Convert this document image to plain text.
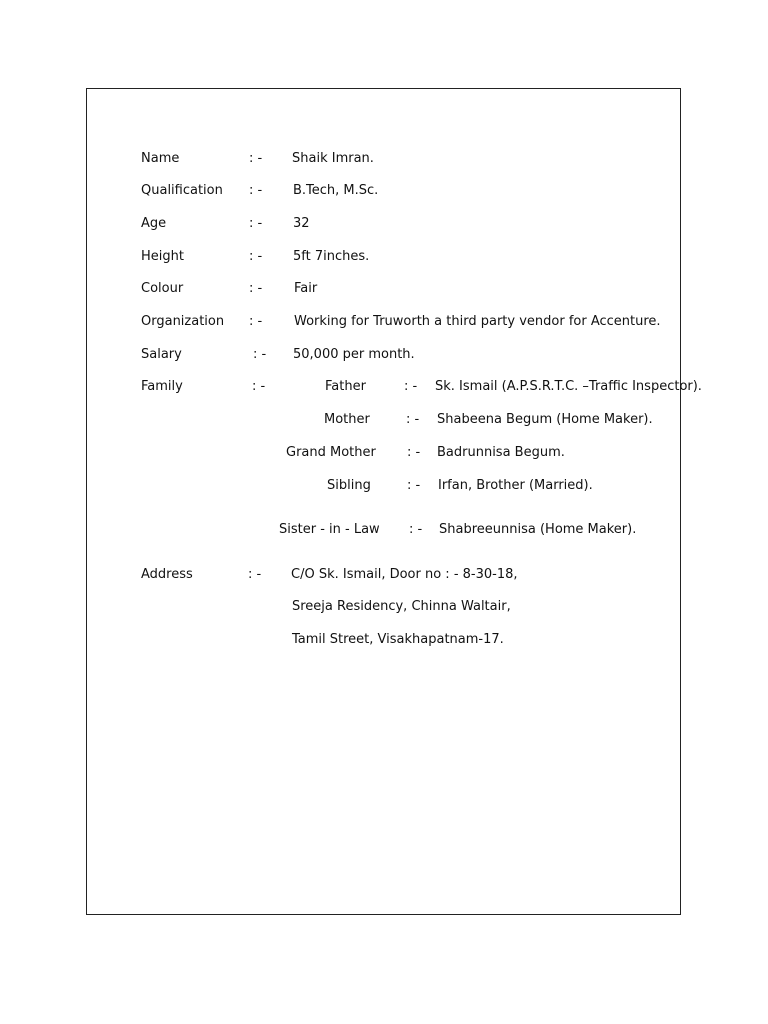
Name	: - Shaik Imran.
Qualification : - B.Tech, M.Sc.
Age	: - 32
Height	: - 5ft 7inches.
Colour	: - Fair
Organization : - Working for Truworth a third party vendor for Accenture.
Salary	: - 50,000 per month.
Family	: -	Father	: - Sk. Ismail (A.P.S.R.T.C. –Traffic Inspector).
Mother	: - Shabeena Begum (Home Maker).
Grand Mother : - Badrunnisa Begum.
Sibling	: - Irfan, Brother (Married).
Sister - in - Law : - Shabreeunnisa (Home Maker).
Address	: - C/O Sk. Ismail, Door no : - 8-30-18,
Sreeja Residency, Chinna Waltair,
Tamil Street, Visakhapatnam-17.
